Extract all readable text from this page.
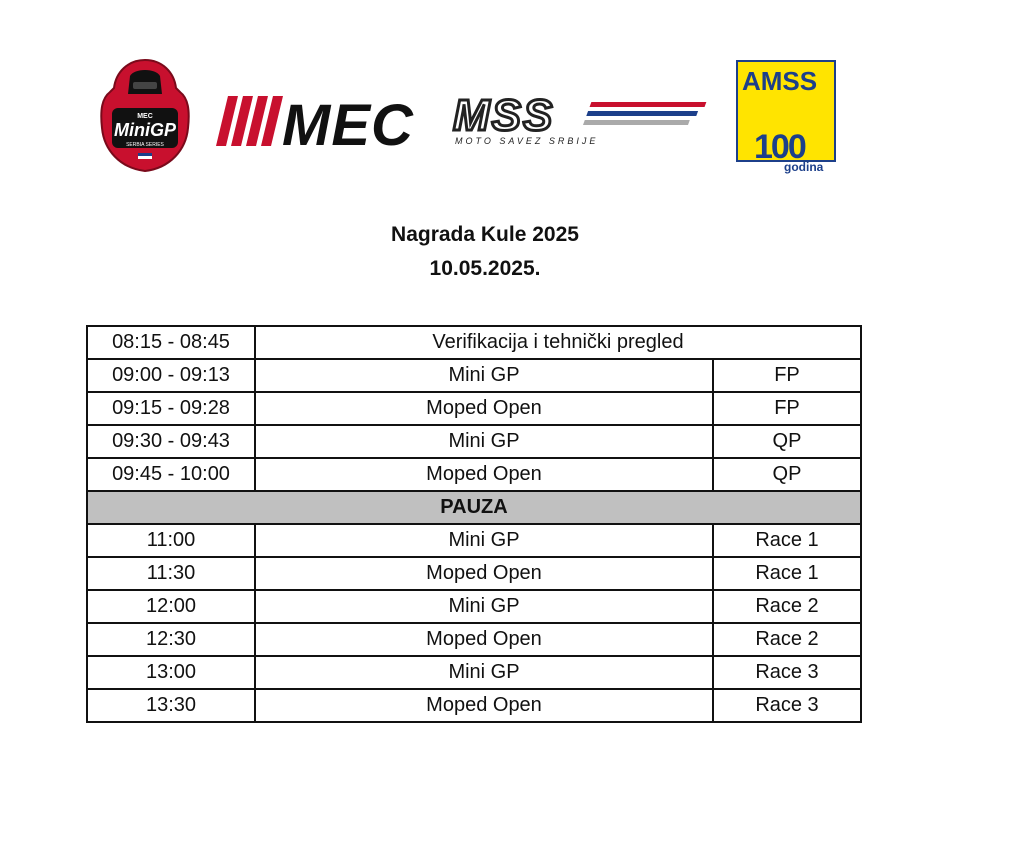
MEC
MiniGP
SERBIA SERIES MEC MSS
MOTO SAVEZ SRBIJE
AMSS
100
godina
Nagrada Kule 2025
10.05.2025.
08:15 - 08:45	Verifikacija i tehnički pregled	
09:00 - 09:13	Mini GP	FP
09:15 - 09:28	Moped Open	FP
09:30 - 09:43	Mini GP	QP
09:45 - 10:00	Moped Open	QP
PAUZA		
11:00	Mini GP	Race 1
11:30	Moped Open	Race 1
12:00	Mini GP	Race 2
12:30	Moped Open	Race 2
13:00	Mini GP	Race 3
13:30	Moped Open	Race 3
